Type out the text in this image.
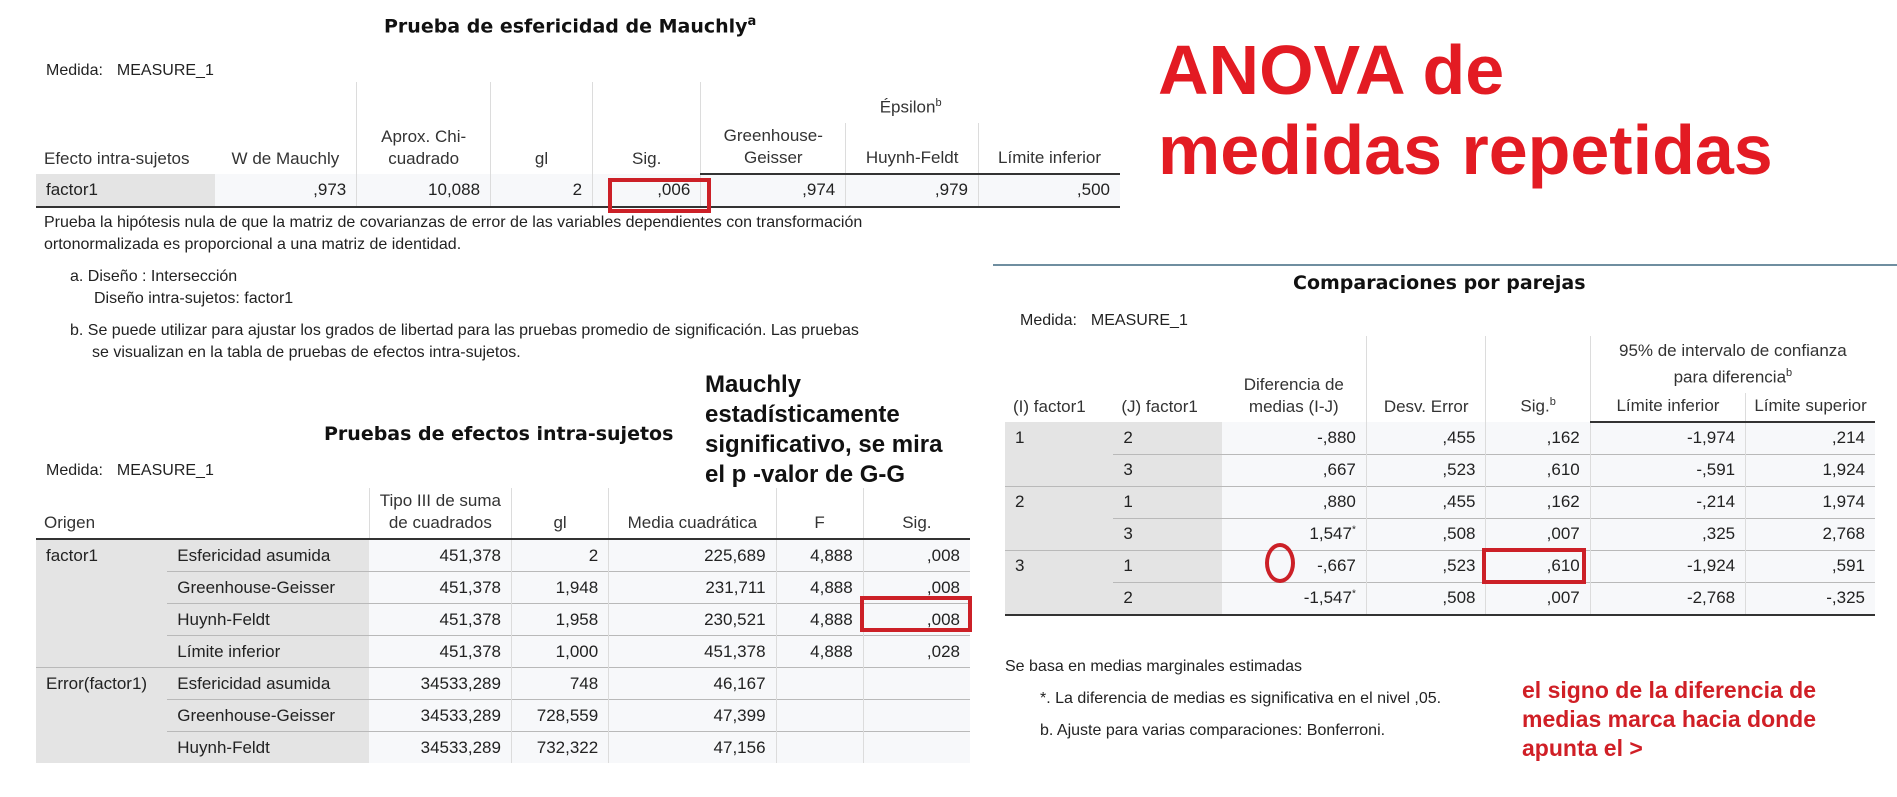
Prueba de esfericidad de Mauchly$^a$
Medida: MEASURE_1
Efecto intra-sujetos	W de Mauchly	Aprox. Chi-cuadrado	gl	Sig.	Épsilon$^b$
					Greenhouse-Geisser	Huynh-Feldt	Límite inferior
factor1	,973	10,088	2	,006	,974	,979	,500
Prueba la hipótesis nula de que la matriz de covarianzas de error de las variables dependientes con transformación
ortonormalizada es proporcional a una matriz de identidad.
a. Diseño : Intersección
Diseño intra-sujetos: factor1
b. Se puede utilizar para ajustar los grados de libertad para las pruebas promedio de significación. Las pruebas
se visualizan en la tabla de pruebas de efectos intra-sujetos.
ANOVA de
medidas repetidas
Mauchly
estadísticamente
significativo, se mira
el p -valor de G-G
Pruebas de efectos intra-sujetos
Medida: MEASURE_1
Origen		Tipo III de suma de cuadrados	gl	Media cuadrática	F	Sig.
factor1	Esfericidad asumida	451,378	2	225,689	4,888	,008
	Greenhouse-Geisser	451,378	1,948	231,711	4,888	,008
	Huynh-Feldt	451,378	1,958	230,521	4,888	,008
	Límite inferior	451,378	1,000	451,378	4,888	,028
Error(factor1)	Esfericidad asumida	34533,289	748	46,167		
	Greenhouse-Geisser	34533,289	728,559	47,399		
	Huynh-Feldt	34533,289	732,322	47,156		
Comparaciones por parejas
Medida: MEASURE_1
(I) factor1	(J) factor1	Diferencia de medias (I-J)	Desv. Error	Sig.$^b$	95% de intervalo de confianza
para diferencia$^b$

					Límite inferior	Límite superior
1	2	-,880	,455	,162	-1,974	,214
	3	,667	,523	,610	-,591	1,924
2	1	,880	,455	,162	-,214	1,974
	3	1,547*	,508	,007	,325	2,768
3	1	-,667	,523	,610	-1,924	,591
	2	-1,547*	,508	,007	-2,768	-,325
Se basa en medias marginales estimadas
*. La diferencia de medias es significativa en el nivel ,05.
b. Ajuste para varias comparaciones: Bonferroni.
el signo de la diferencia de
medias marca hacia donde
apunta el >
